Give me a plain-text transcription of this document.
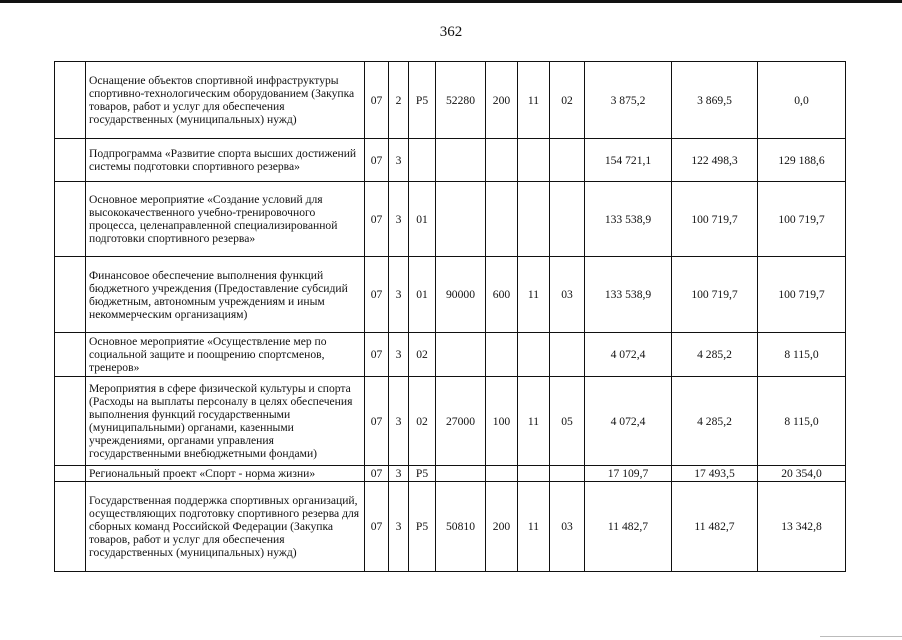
362
	Оснащение объектов спортивной инфраструктуры спортивно-технологическим оборудованием (Закупка товаров, работ и услуг для обеспечения государственных (муниципальных) нужд)	07	2	P5	52280	200	11	02	3 875,2	3 869,5	0,0
	Подпрограмма «Развитие спорта высших достижений системы подготовки спортивного резерва»	07	3						154 721,1	122 498,3	129 188,6
	Основное мероприятие «Создание условий для высококачественного учебно-тренировочного процесса, целенаправленной специализированной подготовки спортивного резерва»	07	3	01					133 538,9	100 719,7	100 719,7
	Финансовое обеспечение выполнения функций бюджетного учреждения (Предоставление субсидий бюджетным, автономным учреждениям и иным некоммерческим организациям)	07	3	01	90000	600	11	03	133 538,9	100 719,7	100 719,7
	Основное мероприятие «Осуществление мер по социальной защите и поощрению спортсменов, тренеров»	07	3	02					4 072,4	4 285,2	8 115,0
	Мероприятия в сфере физической культуры и спорта (Расходы на выплаты персоналу в целях обеспечения выполнения функций государственными (муниципальными) органами, казенными учреждениями, органами управления государственными внебюджетными фондами)	07	3	02	27000	100	11	05	4 072,4	4 285,2	8 115,0
	Региональный проект «Спорт - норма жизни»	07	3	P5					17 109,7	17 493,5	20 354,0
	Государственная поддержка спортивных организаций, осуществляющих подготовку спортивного резерва для сборных команд Российской Федерации (Закупка товаров, работ и услуг для обеспечения государственных (муниципальных) нужд)	07	3	P5	50810	200	11	03	11 482,7	11 482,7	13 342,8
